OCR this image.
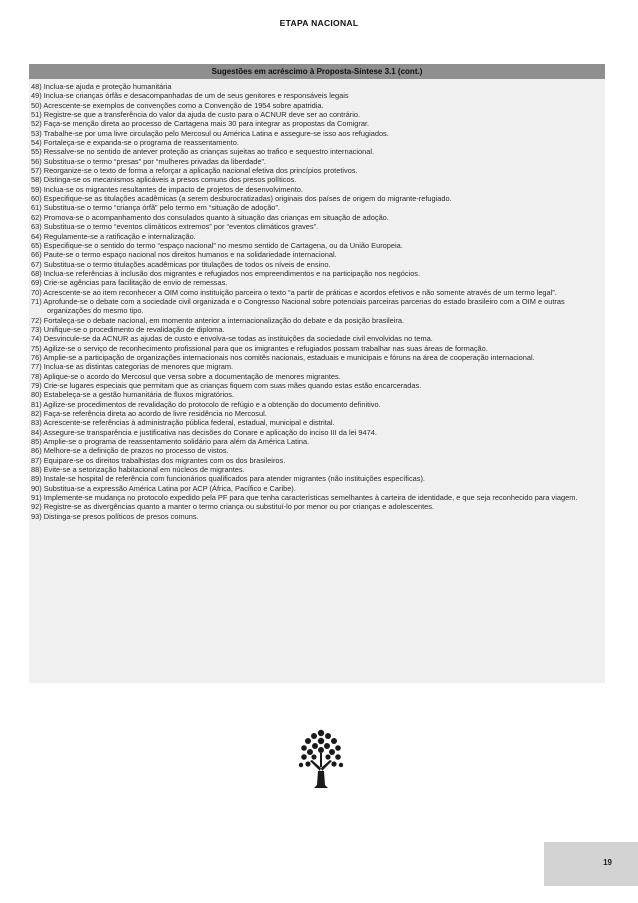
ETAPA NACIONAL
Sugestões em acréscimo à Proposta-Síntese 3.1 (cont.)
48) Inclua-se ajuda e proteção humanitária
49) Inclua-se crianças órfãs e desacompanhadas de um de seus genitores e responsáveis legais
50) Acrescente-se exemplos de convenções como a Convenção de 1954 sobre apatridia.
51) Registre-se que a transferência do valor da ajuda de custo para o ACNUR deve ser ao contrário.
52) Faça-se menção direta ao processo de Cartagena mais 30 para integrar as propostas da Comigrar.
53) Trabalhe-se por uma livre circulação pelo Mercosul ou América Latina e assegure-se isso aos refugiados.
54) Fortaleça-se e expanda-se o programa de reassentamento.
55) Ressalve-se no sentido de antever proteção as crianças sujeitas ao trafico e sequestro internacional.
56) Substitua-se o termo “presas” por “mulheres privadas da liberdade”.
57) Reorganize-se o texto de forma a reforçar a aplicação nacional efetiva dos princípios protetivos.
58) Distinga-se os mecanismos aplicáveis a presos comuns dos presos políticos.
59) Inclua-se os migrantes resultantes de impacto de projetos de desenvolvimento.
60) Especifique-se as titulações acadêmicas (a serem desburocratizadas) originais dos países de origem do migrante-refugiado.
61) Substitua-se o termo “criança órfã” pelo termo em “situação de adoção”.
62) Promova-se o acompanhamento dos consulados quanto à situação das crianças em situação de adoção.
63) Substitua-se o termo “eventos climáticos extremos” por “eventos climáticos graves”.
64) Regulamente-se a ratificação e internalização.
65) Especifique-se o sentido do termo “espaço nacional” no mesmo sentido de Cartagena, ou da União Europeia.
66) Paute-se o termo espaço nacional nos direitos humanos e na solidariedade internacional.
67) Substitua-se o termo titulações acadêmicas por titulações de todos os níveis de ensino.
68) Inclua-se referências à inclusão dos migrantes e refugiados nos empreendimentos e na participação nos negócios.
69) Crie-se agências para facilitação de envio de remessas.
70) Acrescente-se ao item reconhecer a OIM como instituição parceira o texto “a partir de práticas e acordos efetivos e não somente através de um termo legal”.
71) Aprofunde-se o debate com a sociedade civil organizada e o Congresso Nacional sobre potenciais parceiras parcerias do estado brasileiro com a OIM e outras organizações do mesmo tipo.
72) Fortaleça-se o debate nacional, em momento anterior a internacionalização do debate e da posição brasileira.
73) Unifique-se o procedimento de revalidação de diploma.
74) Desvincule-se da ACNUR as ajudas de custo e envolva-se todas as instituições da sociedade civil envolvidas no tema.
75) Agilize-se o serviço de reconhecimento profissional para que os imigrantes e refugiados possam trabalhar nas suas áreas de formação.
76) Amplie-se a participação de organizações internacionais nos comitês nacionais, estaduais e municipais e fóruns na área de cooperação internacional.
77) Inclua-se as distintas categorias de menores que migram.
78) Aplique-se o acordo do Mercosul que versa sobre a documentação de menores migrantes.
79) Crie-se lugares especiais que permitam que as crianças fiquem com suas mães quando estas estão encarceradas.
80) Estabeleça-se a gestão humanitária de fluxos migratórios.
81) Agilize-se procedimentos de revalidação do protocolo de refúgio e a obtenção do documento definitivo.
82) Faça-se referência direta ao acordo de livre residência no Mercosul.
83) Acrescente-se referências à administração pública federal, estadual, municipal e distrital.
84) Assegure-se transparência e justificativa nas decisões do Conare e aplicação do inciso III da lei 9474.
85) Amplie-se o programa de reassentamento solidário para além da América Latina.
86) Melhore-se a definição de prazos no processo de vistos.
87) Equipare-se os direitos trabalhistas dos migrantes com os dos brasileiros.
88) Evite-se a setorização habitacional em núcleos de migrantes.
89) Instale-se hospital de referência com funcionários qualificados para atender migrantes (não instituições específicas).
90) Substitua-se a expressão América Latina por ACP (África, Pacífico e Caribe).
91) Implemente-se mudança no protocolo expedido pela PF para que tenha características semelhantes à carteira de identidade, e que seja reconhecido para viagem.
92) Registre-se as divergências quanto a manter o termo criança ou substituí-lo por menor ou por crianças e adolescentes.
93) Distinga-se presos políticos de presos comuns.
19
